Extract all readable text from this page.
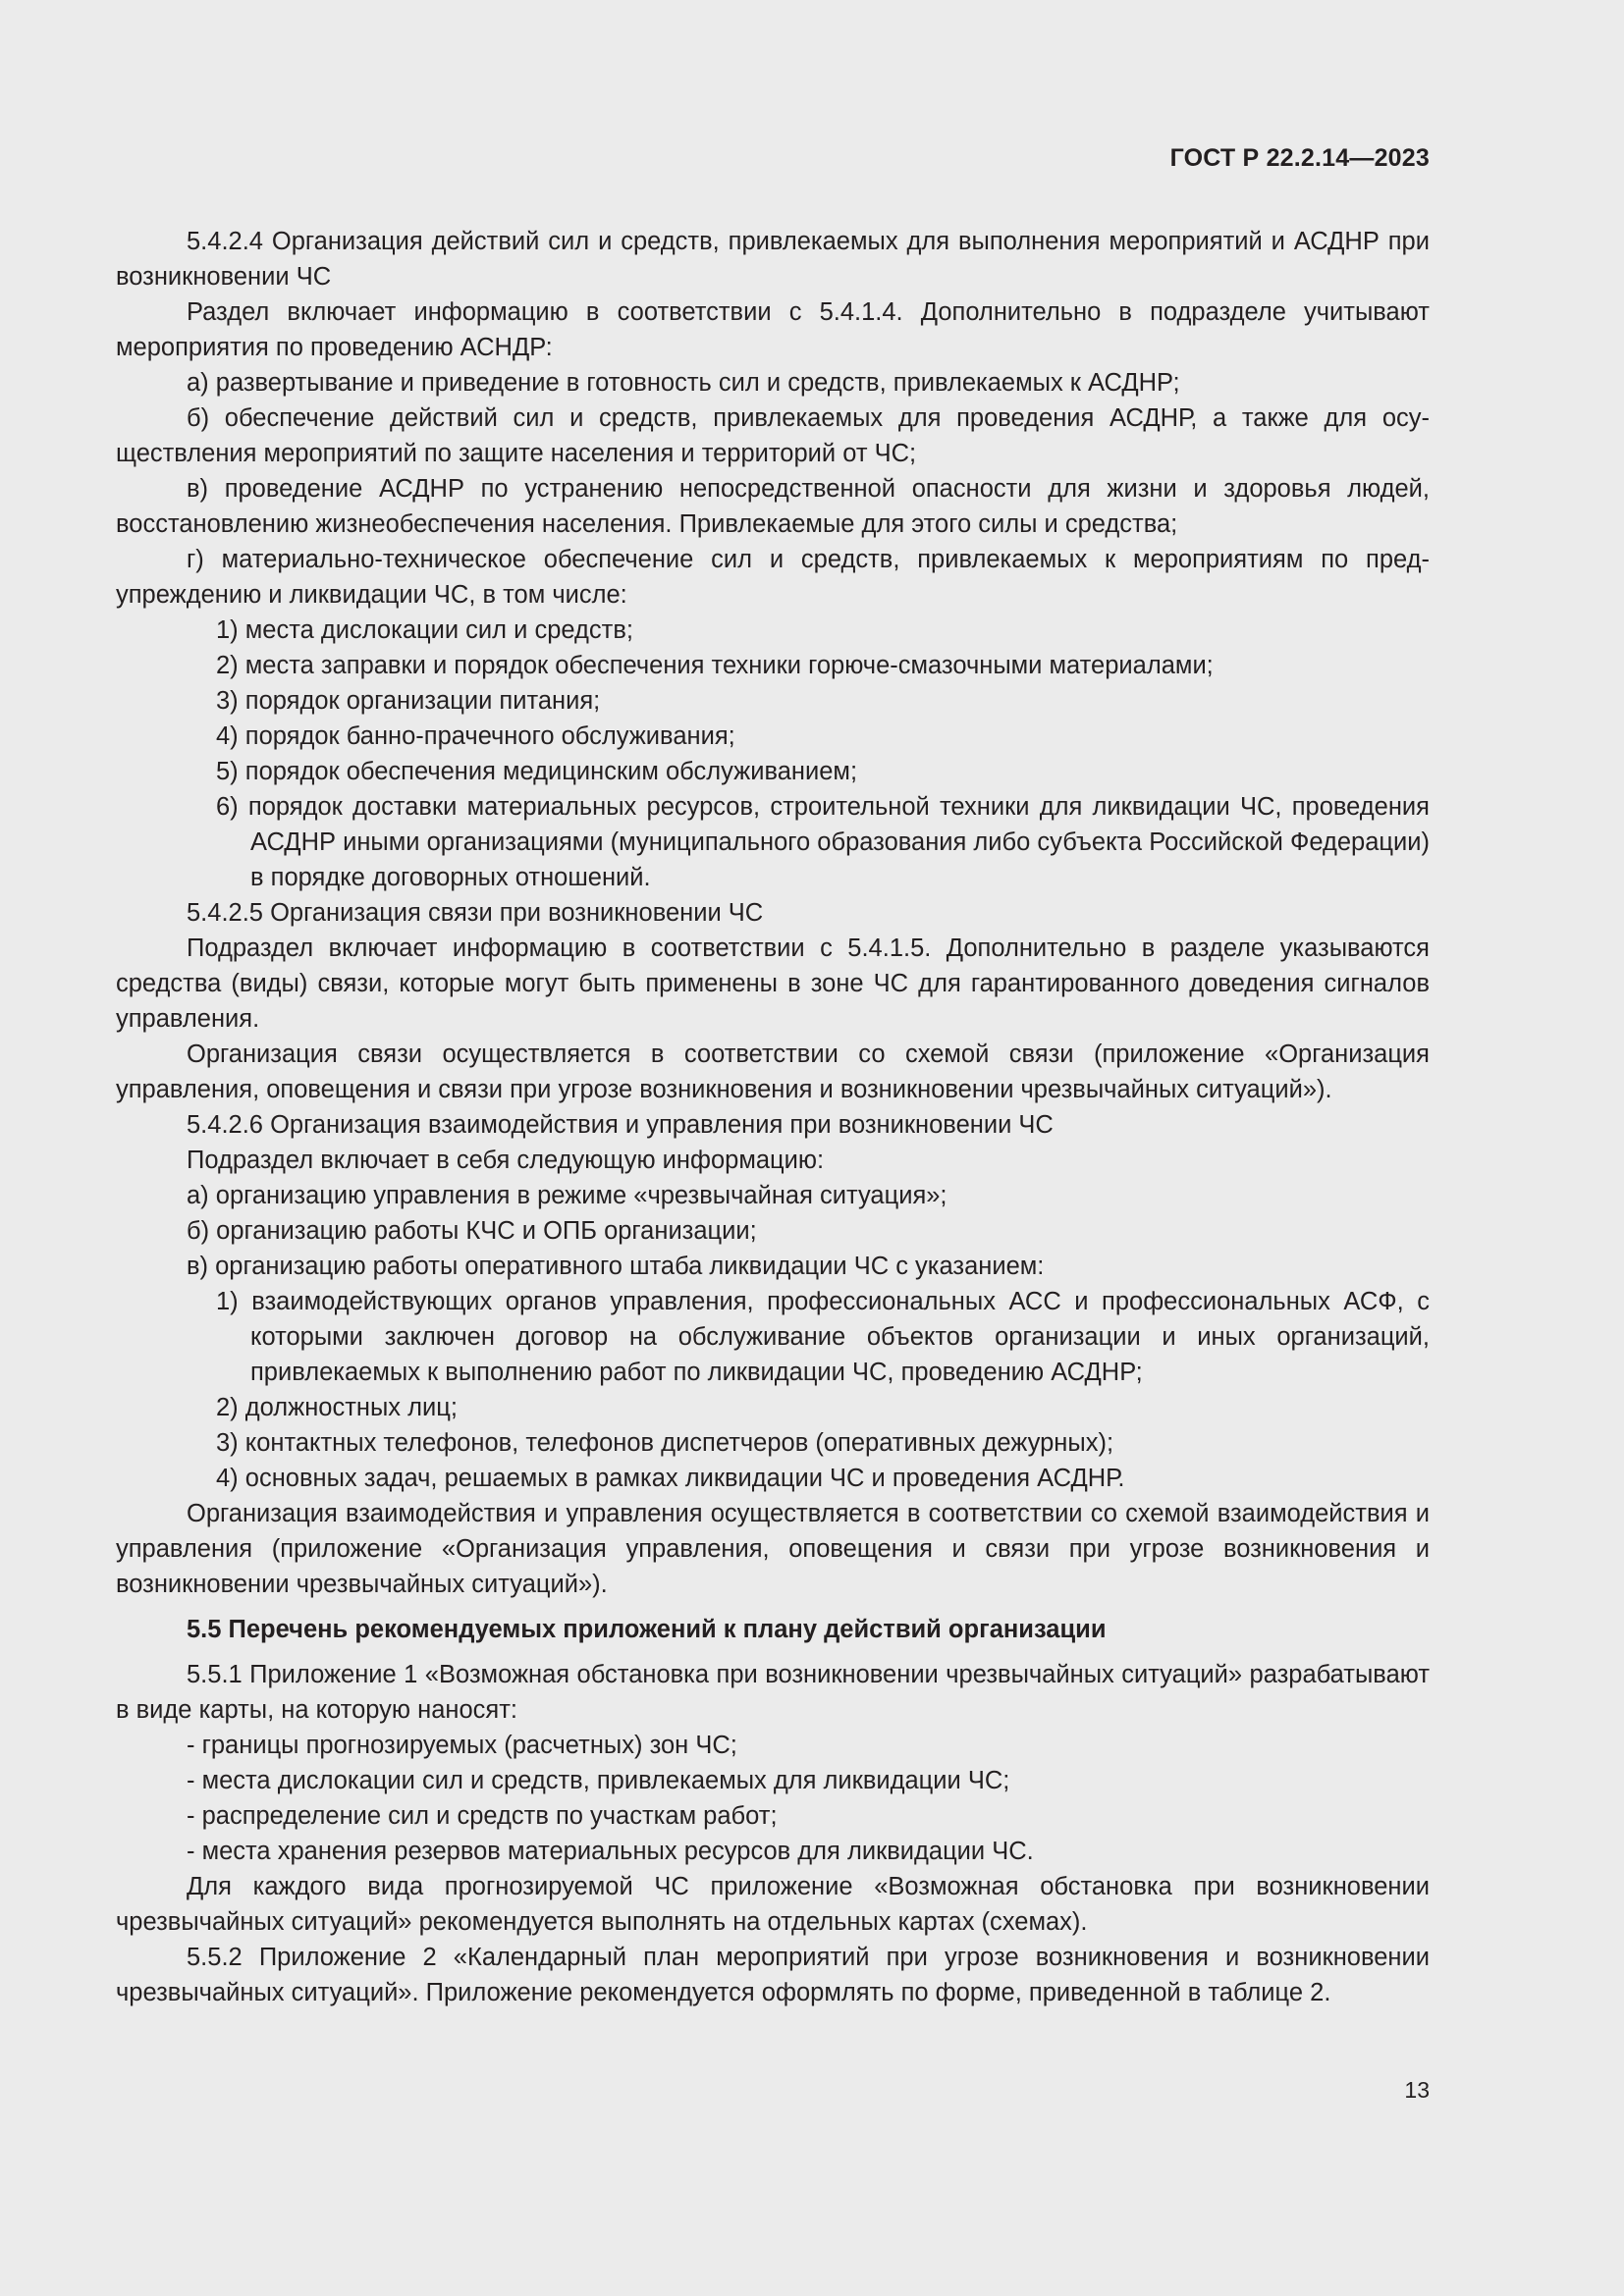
ГОСТ Р 22.2.14—2023

5.4.2.4 Организация действий сил и средств, привлекаемых для выполнения мероприятий и АСДНР при возникновении ЧС

Раздел включает информацию в соответствии с 5.4.1.4. Дополнительно в подразделе учитывают мероприятия по проведению АСНДР:

а) развертывание и приведение в готовность сил и средств, привлекаемых к АСДНР;

б) обеспечение действий сил и средств, привлекаемых для проведения АСДНР, а также для осуществления мероприятий по защите населения и территорий от ЧС;

в) проведение АСДНР по устранению непосредственной опасности для жизни и здоровья людей, восстановлению жизнеобеспечения населения. Привлекаемые для этого силы и средства;

г) материально-техническое обеспечение сил и средств, привлекаемых к мероприятиям по предупреждению и ликвидации ЧС, в том числе:

1) места дислокации сил и средств;

2) места заправки и порядок обеспечения техники горюче-смазочными материалами;

3) порядок организации питания;

4) порядок банно-прачечного обслуживания;

5) порядок обеспечения медицинским обслуживанием;

6) порядок доставки материальных ресурсов, строительной техники для ликвидации ЧС, проведения АСДНР иными организациями (муниципального образования либо субъекта Российской Федерации) в порядке договорных отношений.

5.4.2.5 Организация связи при возникновении ЧС

Подраздел включает информацию в соответствии с 5.4.1.5. Дополнительно в разделе указываются средства (виды) связи, которые могут быть применены в зоне ЧС для гарантированного доведения сигналов управления.

Организация связи осуществляется в соответствии со схемой связи (приложение «Организация управления, оповещения и связи при угрозе возникновения и возникновении чрезвычайных ситуаций»).

5.4.2.6 Организация взаимодействия и управления при возникновении ЧС

Подраздел включает в себя следующую информацию:

а) организацию управления в режиме «чрезвычайная ситуация»;

б) организацию работы КЧС и ОПБ организации;

в) организацию работы оперативного штаба ликвидации ЧС с указанием:

1) взаимодействующих органов управления, профессиональных АСС и профессиональных АСФ, с которыми заключен договор на обслуживание объектов организации и иных организаций, привлекаемых к выполнению работ по ликвидации ЧС, проведению АСДНР;

2) должностных лиц;

3) контактных телефонов, телефонов диспетчеров (оперативных дежурных);

4) основных задач, решаемых в рамках ликвидации ЧС и проведения АСДНР.

Организация взаимодействия и управления осуществляется в соответствии со схемой взаимодействия и управления (приложение «Организация управления, оповещения и связи при угрозе возникновения и возникновении чрезвычайных ситуаций»).

5.5 Перечень рекомендуемых приложений к плану действий организации

5.5.1 Приложение 1 «Возможная обстановка при возникновении чрезвычайных ситуаций» разрабатывают в виде карты, на которую наносят:

- границы прогнозируемых (расчетных) зон ЧС;

- места дислокации сил и средств, привлекаемых для ликвидации ЧС;

- распределение сил и средств по участкам работ;

- места хранения резервов материальных ресурсов для ликвидации ЧС.

Для каждого вида прогнозируемой ЧС приложение «Возможная обстановка при возникновении чрезвычайных ситуаций» рекомендуется выполнять на отдельных картах (схемах).

5.5.2 Приложение 2 «Календарный план мероприятий при угрозе возникновения и возникновении чрезвычайных ситуаций». Приложение рекомендуется оформлять по форме, приведенной в таблице 2.

13
